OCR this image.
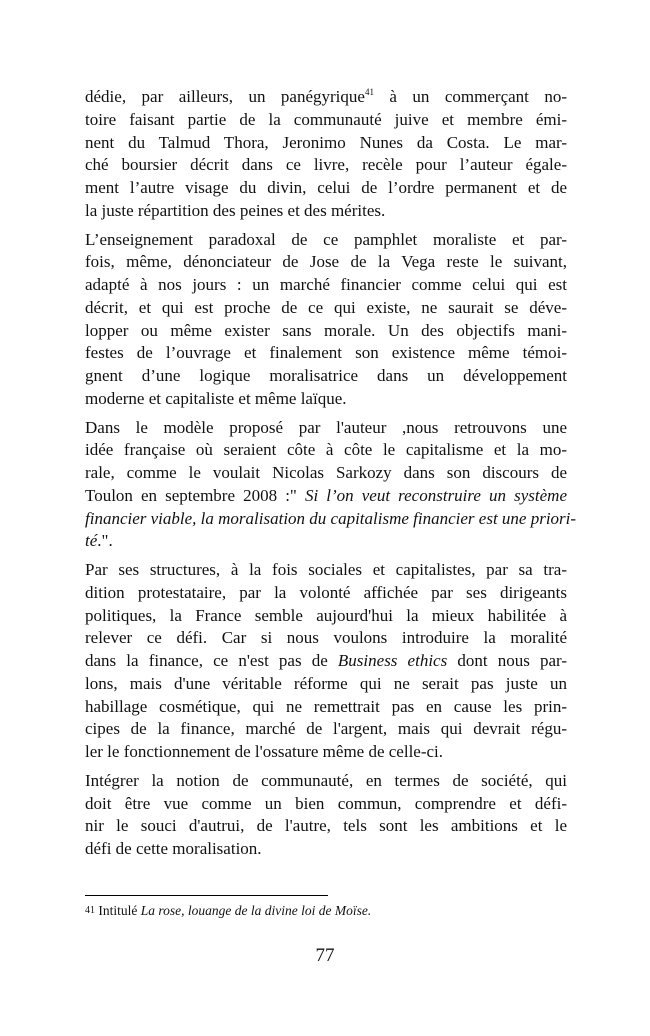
dédie, par ailleurs, un panégyrique$^{41}$ à un commerçant no-
toire faisant partie de la communauté juive et membre émi-
nent du Talmud Thora, Jeronimo Nunes da Costa. Le mar-
ché boursier décrit dans ce livre, recèle pour l’auteur égale-
ment l’autre visage du divin, celui de l’ordre permanent et de
la juste répartition des peines et des mérites.
L’enseignement paradoxal de ce pamphlet moraliste et par-
fois, même, dénonciateur de Jose de la Vega reste le suivant,
adapté à nos jours : un marché financier comme celui qui est
décrit, et qui est proche de ce qui existe, ne saurait se déve-
lopper ou même exister sans morale. Un des objectifs mani-
festes de l’ouvrage et finalement son existence même témoi-
gnent d’une logique moralisatrice dans un développement
moderne et capitaliste et même laïque.
Dans le modèle proposé par l'auteur ,nous retrouvons une
idée française où seraient côte à côte le capitalisme et la mo-
rale, comme le voulait Nicolas Sarkozy dans son discours de
Toulon en septembre 2008 :" Si l’on veut reconstruire un système
financier viable, la moralisation du capitalisme financier est une priori-
té.".
Par ses structures, à la fois sociales et capitalistes, par sa tra-
dition protestataire, par la volonté affichée par ses dirigeants
politiques, la France semble aujourd'hui la mieux habilitée à
relever ce défi. Car si nous voulons introduire la moralité
dans la finance, ce n'est pas de Business ethics dont nous par-
lons, mais d'une véritable réforme qui ne serait pas juste un
habillage cosmétique, qui ne remettrait pas en cause les prin-
cipes de la finance, marché de l'argent, mais qui devrait régu-
ler le fonctionnement de l'ossature même de celle-ci.
Intégrer la notion de communauté, en termes de société, qui
doit être vue comme un bien commun, comprendre et défi-
nir le souci d'autrui, de l'autre, tels sont les ambitions et le
défi de cette moralisation.
41 Intitulé La rose, louange de la divine loi de Moïse.
77
